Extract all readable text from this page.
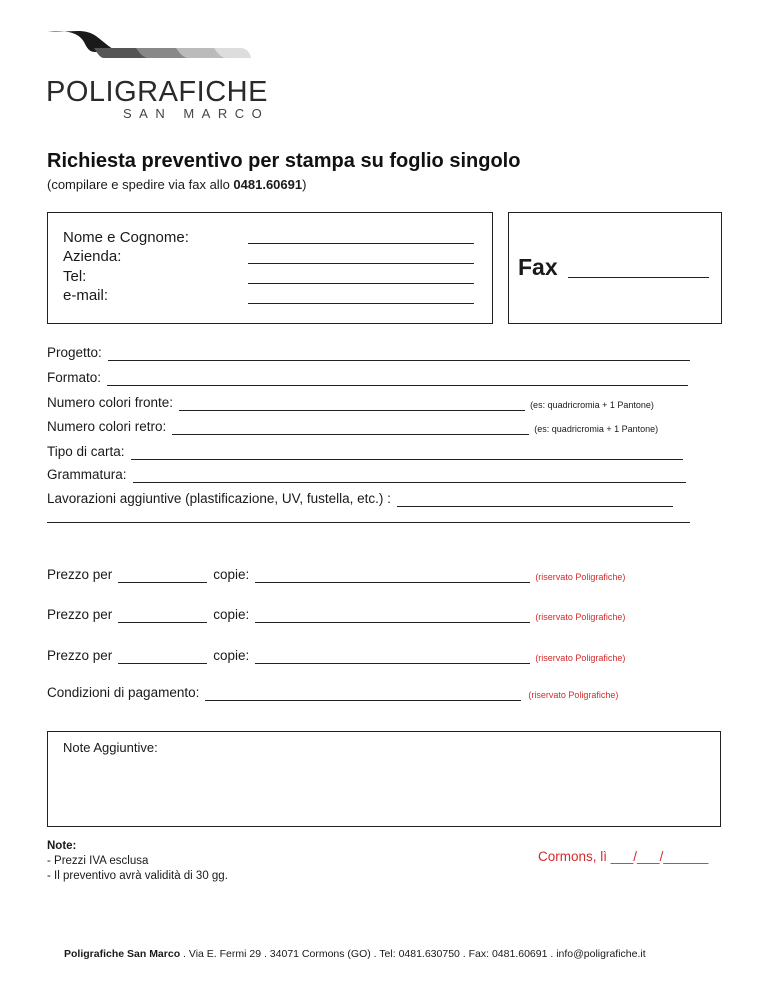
POLIGRAFICHE
SAN MARCO
Richiesta preventivo per stampa su foglio singolo
(compilare e spedire via fax allo 0481.60691)
Nome e Cognome:
Azienda:
Tel:
e-mail:
Fax
Progetto:
Formato:
Numero colori fronte:	(es: quadricromia + 1 Pantone)
Numero colori retro:	(es: quadricromia + 1 Pantone)
Tipo di carta:
Grammatura:
Lavorazioni aggiuntive (plastificazione, UV, fustella, etc.) :
Prezzo per	copie:	(riservato Poligrafiche)
Prezzo per	copie:	(riservato Poligrafiche)
Prezzo per	copie:	(riservato Poligrafiche)
Condizioni di pagamento:	(riservato Poligrafiche)
Note Aggiuntive:
Note:
- Prezzi IVA esclusa
- Il preventivo avrà validità di 30 gg.
Cormons, lì ___/___/______
Poligrafiche San Marco . Via E. Fermi 29 . 34071 Cormons (GO) . Tel: 0481.630750 . Fax: 0481.60691 . info@poligrafiche.it
